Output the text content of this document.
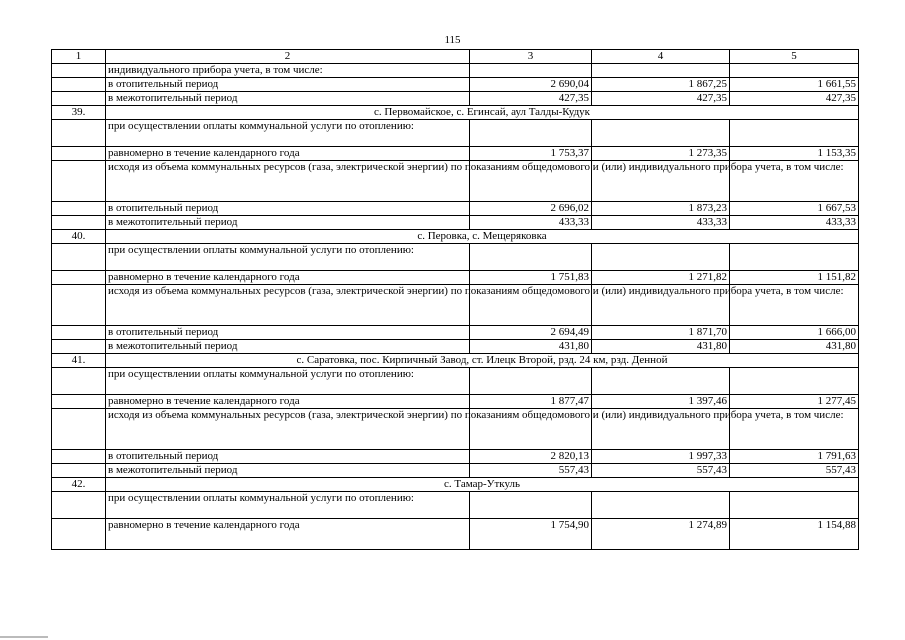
115
1	2	3	4	5
	индивидуального прибора учета, в том числе:			
	в отопительный период	2 690,04	1 867,25	1 661,55
	в межотопительный период	427,35	427,35	427,35
39.	с. Первомайское, с. Егинсай, аул Талды-Кудук			
	при осуществлении оплаты коммунальной услуги по отоплению:			
	равномерно в течение календарного года	1 753,37	1 273,35	1 153,35
	исходя из объема коммунальных ресурсов (газа, электрической энергии) по показаниям общедомового и (или) индивидуального прибора учета, в том числе:			
	в отопительный период	2 696,02	1 873,23	1 667,53
	в межотопительный период	433,33	433,33	433,33
40.	с. Перовка, с. Мещеряковка			
	при осуществлении оплаты коммунальной услуги по отоплению:			
	равномерно в течение календарного года	1 751,83	1 271,82	1 151,82
	исходя из объема коммунальных ресурсов (газа, электрической энергии) по показаниям общедомового и (или) индивидуального прибора учета, в том числе:			
	в отопительный период	2 694,49	1 871,70	1 666,00
	в межотопительный период	431,80	431,80	431,80
41.	с. Саратовка, пос. Кирпичный Завод, ст. Илецк Второй, рзд. 24 км, рзд. Денной			
	при осуществлении оплаты коммунальной услуги по отоплению:			
	равномерно в течение календарного года	1 877,47	1 397,46	1 277,45
	исходя из объема коммунальных ресурсов (газа, электрической энергии) по показаниям общедомового и (или) индивидуального прибора учета, в том числе:			
	в отопительный период	2 820,13	1 997,33	1 791,63
	в межотопительный период	557,43	557,43	557,43
42.	с. Тамар-Уткуль			
	при осуществлении оплаты коммунальной услуги по отоплению:			
	равномерно в течение календарного года	1 754,90	1 274,89	1 154,88
